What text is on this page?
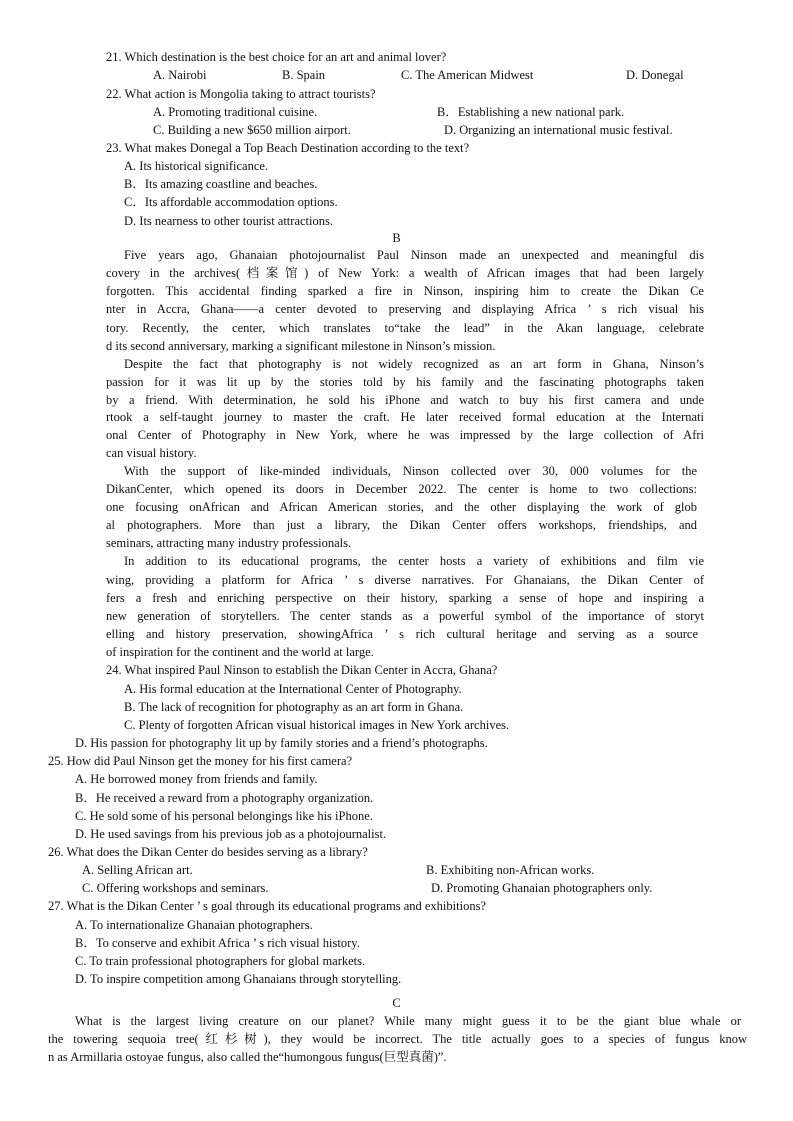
21. Which destination is the best choice for an art and animal lover?
A. Nairobi	B. Spain	C. The American Midwest	D. Donegal
22. What action is Mongolia taking to attract tourists?
A. Promoting traditional cuisine.	B．Establishing a new national park.
C. Building a new $650 million airport.	D. Organizing an international music festival.
23. What makes Donegal a Top Beach Destination according to the text?
A. Its historical significance.
B．Its amazing coastline and beaches.
C．Its affordable accommodation options.
D. Its nearness to other tourist attractions.
B
Five years ago, Ghanaian photojournalist Paul Ninson made an unexpected and meaningful dis
covery in the archives(档案馆) of New York: a wealth of African images that had been largely
forgotten. This accidental finding sparked a fire in Ninson, inspiring him to create the Dikan Ce
nter in Accra, Ghana——a center devoted to preserving and displaying Africa ’ s rich visual his
tory. Recently, the center, which translates to“take the lead” in the Akan language, celebrate
d its second anniversary, marking a significant milestone in Ninson’s mission.
Despite the fact that photography is not widely recognized as an art form in Ghana, Ninson’s
passion for it was lit up by the stories told by his family and the fascinating photographs taken
by a friend. With determination, he sold his iPhone and watch to buy his first camera and unde
rtook a self-taught journey to master the craft. He later received formal education at the Internati
onal Center of Photography in New York, where he was impressed by the large collection of Afri
can visual history.
With the support of like-minded individuals, Ninson collected over 30, 000 volumes for the
DikanCenter, which opened its doors in December 2022. The center is home to two collections:
one focusing onAfrican and African American stories, and the other displaying the work of glob
al photographers. More than just a library, the Dikan Center offers workshops, friendships, and
seminars, attracting many industry professionals.
In addition to its educational programs, the center hosts a variety of exhibitions and film vie
wing, providing a platform for Africa ’ s diverse narratives. For Ghanaians, the Dikan Center of
fers a fresh and enriching perspective on their history, sparking a sense of hope and inspiring a
new generation of storytellers. The center stands as a powerful symbol of the importance of storyt
elling and history preservation, showingAfrica ’ s rich cultural heritage and serving as a source
of inspiration for the continent and the world at large.
24. What inspired Paul Ninson to establish the Dikan Center in Accra, Ghana?
A. His formal education at the International Center of Photography.
B. The lack of recognition for photography as an art form in Ghana.
C. Plenty of forgotten African visual historical images in New York archives.
D. His passion for photography lit up by family stories and a friend’s photographs.
25. How did Paul Ninson get the money for his first camera?
A. He borrowed money from friends and family.
B．He received a reward from a photography organization.
C. He sold some of his personal belongings like his iPhone.
D. He used savings from his previous job as a photojournalist.
26. What does the Dikan Center do besides serving as a library?
A. Selling African art.	B. Exhibiting non-African works.
C. Offering workshops and seminars.	D. Promoting Ghanaian photographers only.
27. What is the Dikan Center ’ s goal through its educational programs and exhibitions?
A. To internationalize Ghanaian photographers.
B．To conserve and exhibit Africa ’ s rich visual history.
C. To train professional photographers for global markets.
D. To inspire competition among Ghanaians through storytelling.
C
What is the largest living creature on our planet? While many might guess it to be the giant blue whale or
the towering sequoia tree(红杉树), they would be incorrect. The title actually goes to a species of fungus know
n as Armillaria ostoyae fungus, also called the“humongous fungus(巨型真菌)”.
